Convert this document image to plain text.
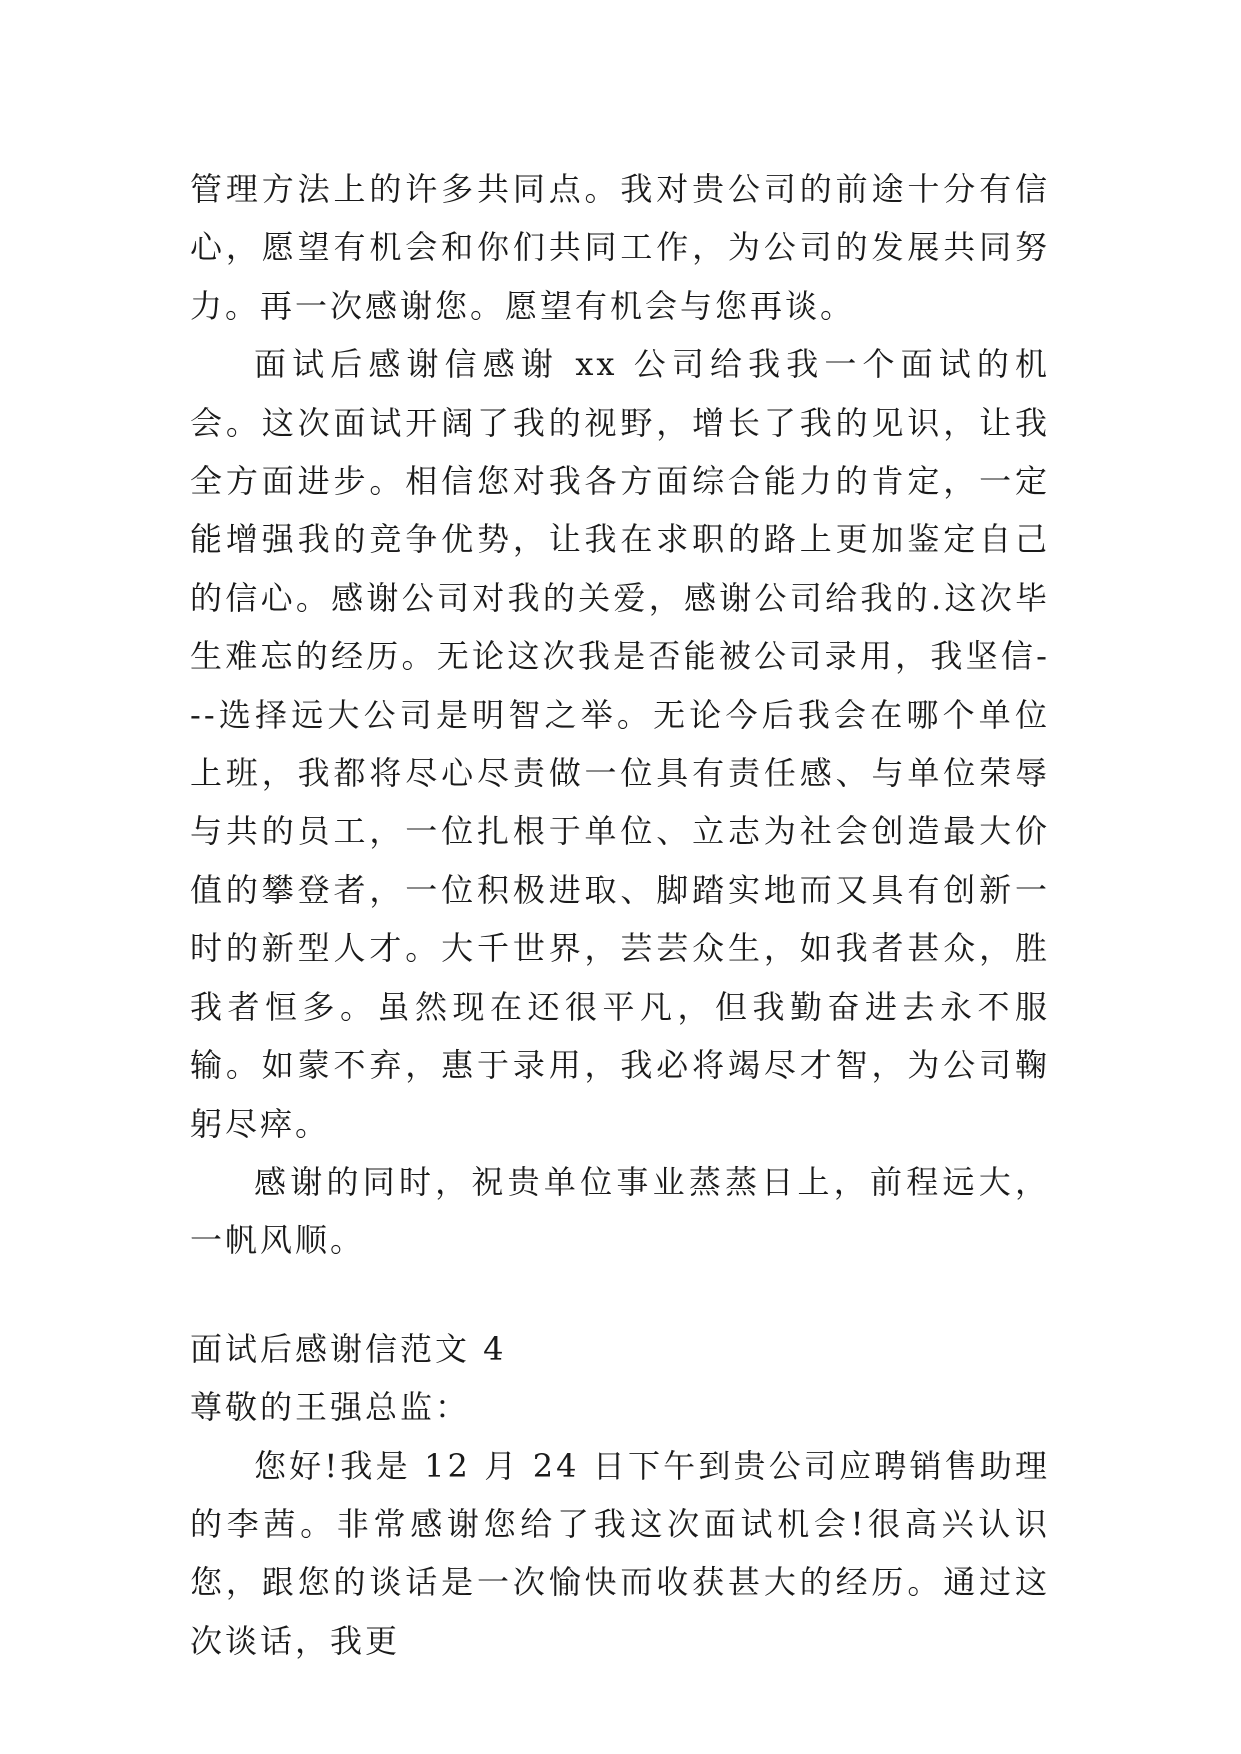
管理方法上的许多共同点。我对贵公司的前途十分有信心，愿望有机会和你们共同工作，为公司的发展共同努力。再一次感谢您。愿望有机会与您再谈。

面试后感谢信感谢 xx 公司给我我一个面试的机会。这次面试开阔了我的视野，增长了我的见识，让我全方面进步。相信您对我各方面综合能力的肯定，一定能增强我的竞争优势，让我在求职的路上更加鉴定自己的信心。感谢公司对我的关爱，感谢公司给我的.这次毕生难忘的经历。无论这次我是否能被公司录用，我坚信---选择远大公司是明智之举。无论今后我会在哪个单位上班，我都将尽心尽责做一位具有责任感、与单位荣辱与共的员工，一位扎根于单位、立志为社会创造最大价值的攀登者，一位积极进取、脚踏实地而又具有创新一时的新型人才。大千世界，芸芸众生，如我者甚众，胜我者恒多。虽然现在还很平凡，但我勤奋进去永不服输。如蒙不弃，惠于录用，我必将竭尽才智，为公司鞠躬尽瘁。

感谢的同时，祝贵单位事业蒸蒸日上，前程远大，一帆风顺。

面试后感谢信范文 4

尊敬的王强总监：

您好!我是 12 月 24 日下午到贵公司应聘销售助理的李茜。非常感谢您给了我这次面试机会!很高兴认识您，跟您的谈话是一次愉快而收获甚大的经历。通过这次谈话，我更
